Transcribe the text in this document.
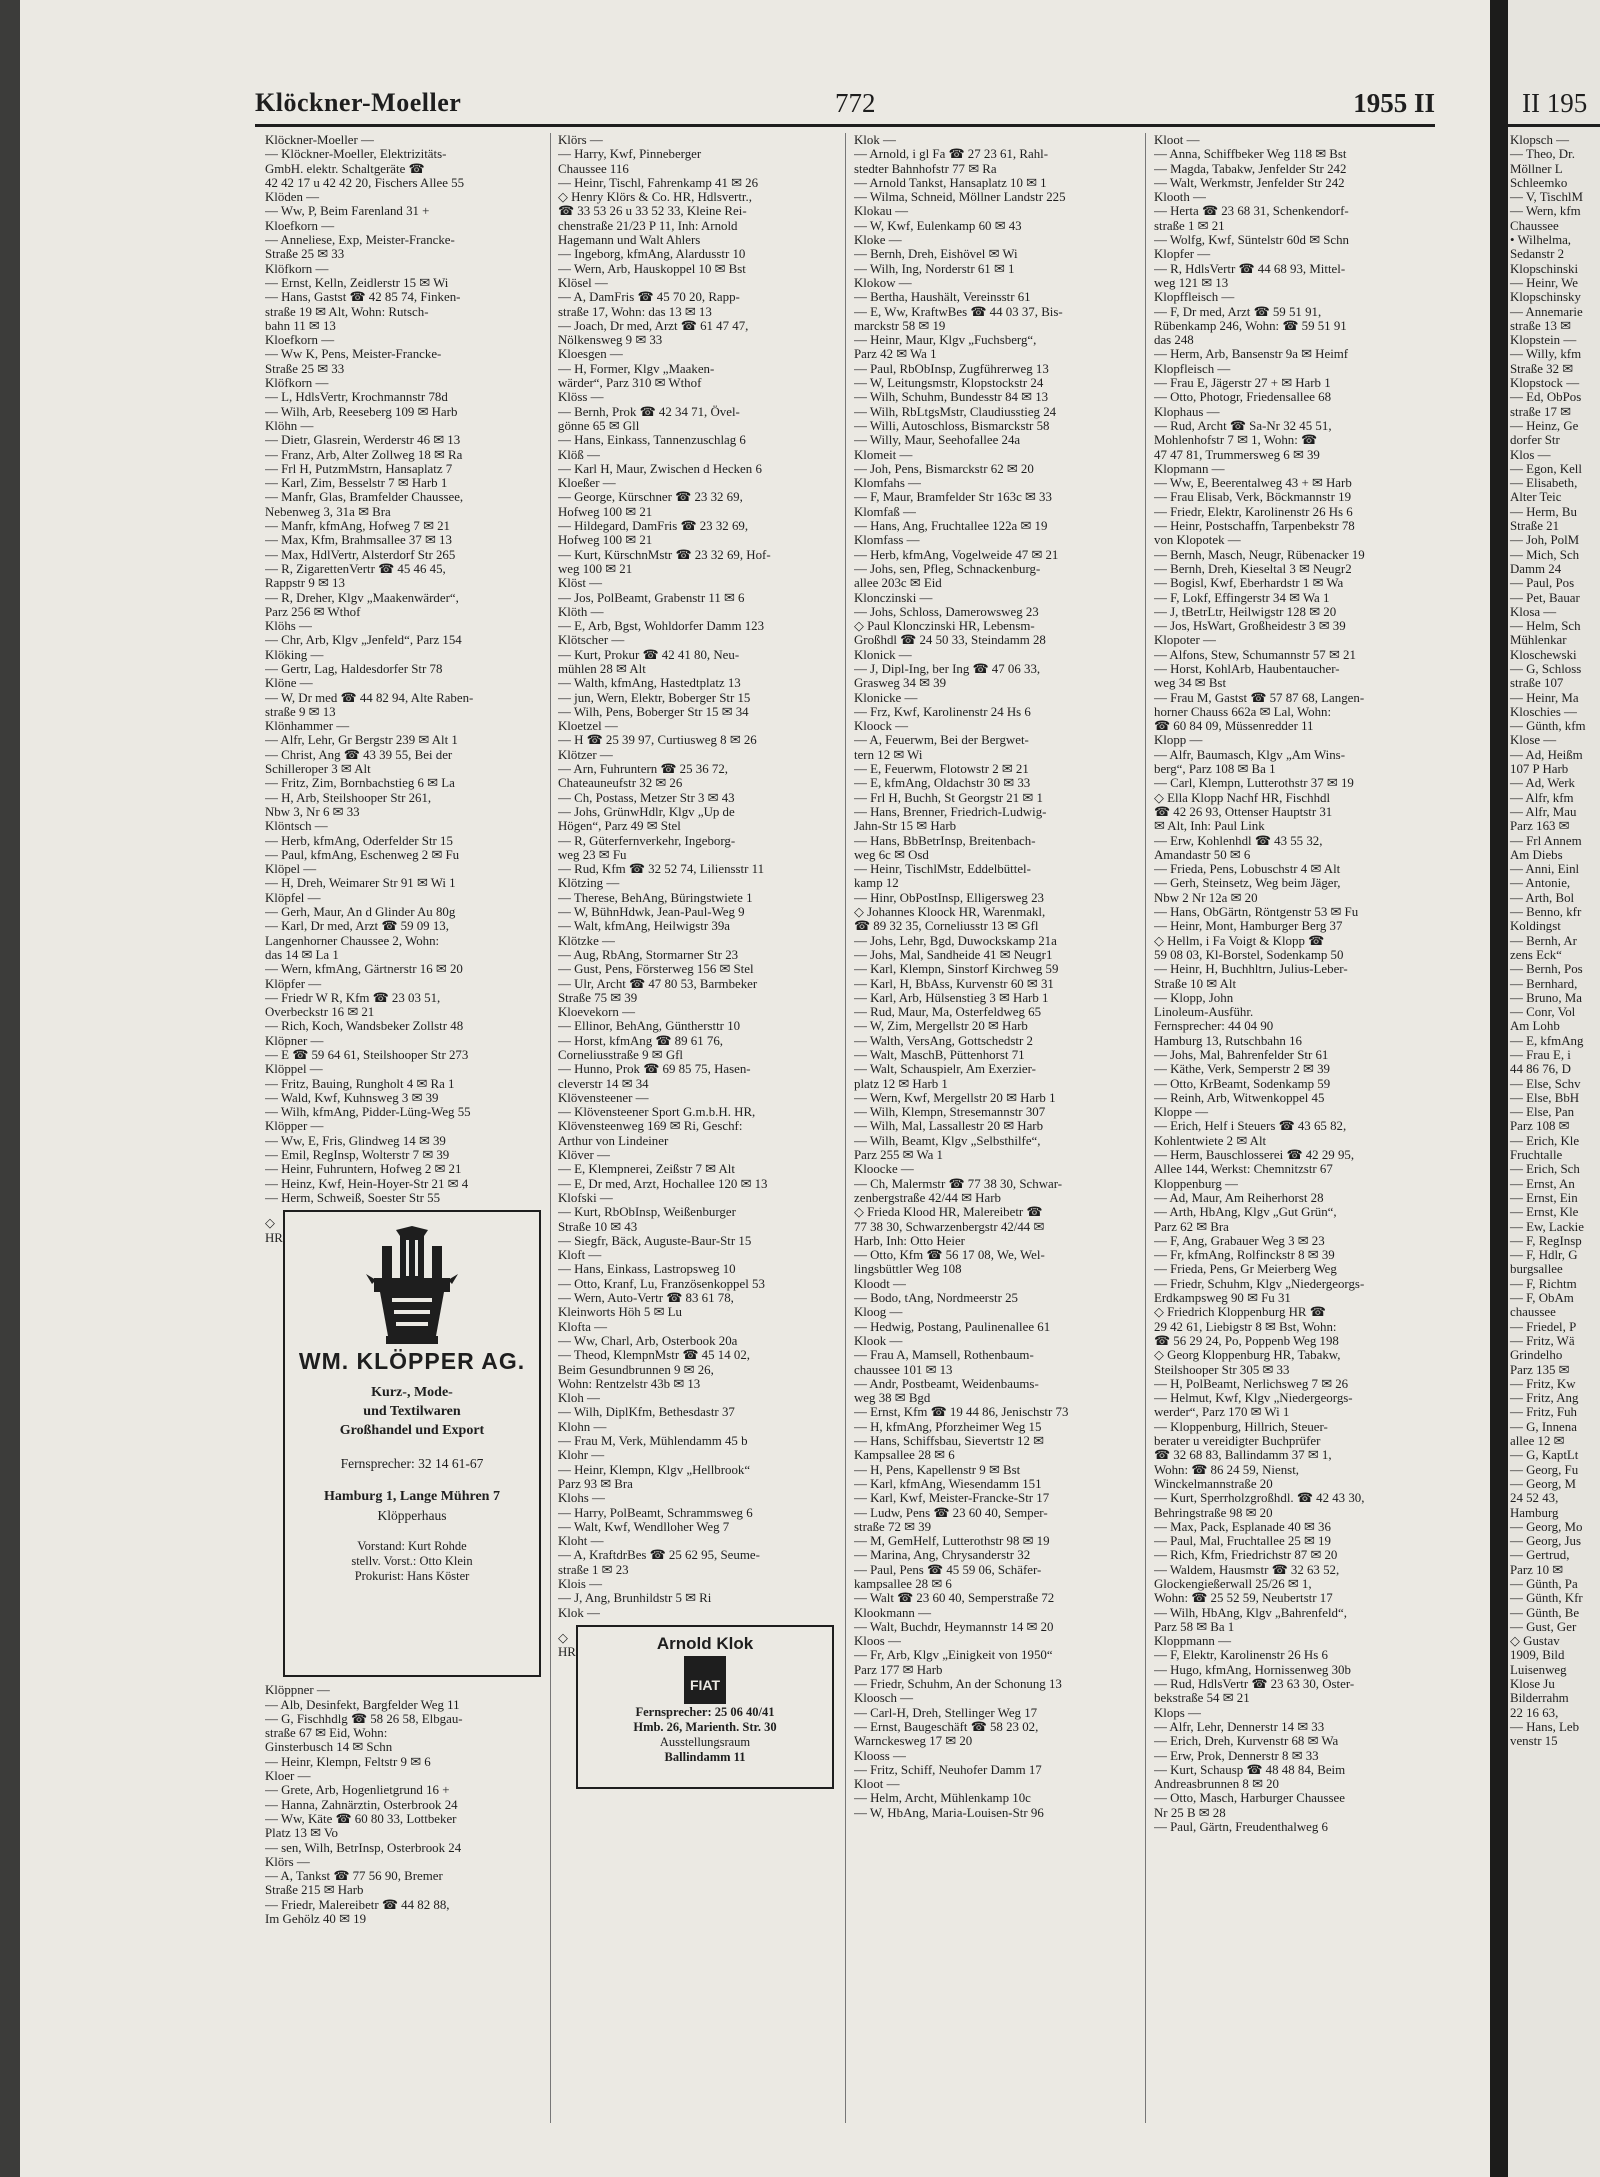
Klöckner-Moeller	772	1955 II
Klöckner-Moeller —
— Klöckner-Moeller, Elektrizitäts-
GmbH. elektr. Schaltgeräte ☎
42 42 17 u 42 42 20, Fischers Allee 55
Klöden —
— Ww, P, Beim Farenland 31 +
Kloefkorn —
— Anneliese, Exp, Meister-Francke-
Straße 25 ✉ 33
Klöfkorn —
— Ernst, Kelln, Zeidlerstr 15 ✉ Wi
— Hans, Gastst ☎ 42 85 74, Finken-
straße 19 ✉ Alt, Wohn: Rutsch-
bahn 11 ✉ 13
Kloefkorn —
— Ww K, Pens, Meister-Francke-
Straße 25 ✉ 33
Klöfkorn —
— L, HdlsVertr, Krochmannstr 78d
— Wilh, Arb, Reeseberg 109 ✉ Harb
Klöhn —
— Dietr, Glasrein, Werderstr 46 ✉ 13
— Franz, Arb, Alter Zollweg 18 ✉ Ra
— Frl H, PutzmMstrn, Hansaplatz 7
— Karl, Zim, Besselstr 7 ✉ Harb 1
— Manfr, Glas, Bramfelder Chaussee,
Nebenweg 3, 31a ✉ Bra
— Manfr, kfmAng, Hofweg 7 ✉ 21
— Max, Kfm, Brahmsallee 37 ✉ 13
— Max, HdlVertr, Alsterdorf Str 265
— R, ZigarettenVertr ☎ 45 46 45,
Rappstr 9 ✉ 13
— R, Dreher, Klgv „Maakenwärder“,
Parz 256 ✉ Wthof
Klöhs —
— Chr, Arb, Klgv „Jenfeld“, Parz 154
Klöking —
— Gertr, Lag, Haldesdorfer Str 78
Klöne —
— W, Dr med ☎ 44 82 94, Alte Raben-
straße 9 ✉ 13
Klönhammer —
— Alfr, Lehr, Gr Bergstr 239 ✉ Alt 1
— Christ, Ang ☎ 43 39 55, Bei der
Schilleroper 3 ✉ Alt
— Fritz, Zim, Bornbachstieg 6 ✉ La
— H, Arb, Steilshooper Str 261,
Nbw 3, Nr 6 ✉ 33
Klöntsch —
— Herb, kfmAng, Oderfelder Str 15
— Paul, kfmAng, Eschenweg 2 ✉ Fu
Klöpel —
— H, Dreh, Weimarer Str 91 ✉ Wi 1
Klöpfel —
— Gerh, Maur, An d Glinder Au 80g
— Karl, Dr med, Arzt ☎ 59 09 13,
Langenhorner Chaussee 2, Wohn:
das 14 ✉ La 1
— Wern, kfmAng, Gärtnerstr 16 ✉ 20
Klöpfer —
— Friedr W R, Kfm ☎ 23 03 51,
Overbeckstr 16 ✉ 21
— Rich, Koch, Wandsbeker Zollstr 48
Klöpner —
— E ☎ 59 64 61, Steilshooper Str 273
Klöppel —
— Fritz, Bauing, Rungholt 4 ✉ Ra 1
— Wald, Kwf, Kuhnsweg 3 ✉ 39
— Wilh, kfmAng, Pidder-Lüng-Weg 55
Klöpper —
— Ww, E, Fris, Glindweg 14 ✉ 39
— Emil, RegInsp, Wolterstr 7 ✉ 39
— Heinr, Fuhruntern, Hofweg 2 ✉ 21
— Heinz, Kwf, Hein-Hoyer-Str 21 ✉ 4
— Herm, Schweiß, Soester Str 55
◇ HR
WM. KLÖPPER AG.
Kurz-, Mode-
und Textilwaren
Großhandel und Export
Fernsprecher: 32 14 61-67
Hamburg 1, Lange Mühren 7
Klöpperhaus
Vorstand: Kurt Rohde
stellv. Vorst.: Otto Klein
Prokurist: Hans Köster
Klöppner —
— Alb, Desinfekt, Bargfelder Weg 11
— G, Fischhdlg ☎ 58 26 58, Elbgau-
straße 67 ✉ Eid, Wohn:
Ginsterbusch 14 ✉ Schn
— Heinr, Klempn, Feltstr 9 ✉ 6
Kloer —
— Grete, Arb, Hogenlietgrund 16 +
— Hanna, Zahnärztin, Osterbrook 24
— Ww, Käte ☎ 60 80 33, Lottbeker
Platz 13 ✉ Vo
— sen, Wilh, BetrInsp, Osterbrook 24
Klörs —
— A, Tankst ☎ 77 56 90, Bremer
Straße 215 ✉ Harb
— Friedr, Malereibetr ☎ 44 82 88,
Im Gehölz 40 ✉ 19
Klörs —
— Harry, Kwf, Pinneberger
Chaussee 116
— Heinr, Tischl, Fahrenkamp 41 ✉ 26
◇ Henry Klörs & Co. HR, Hdlsvertr.,
☎ 33 53 26 u 33 52 33, Kleine Rei-
chenstraße 21/23 P 11, Inh: Arnold
Hagemann und Walt Ahlers
— Ingeborg, kfmAng, Alardusstr 10
— Wern, Arb, Hauskoppel 10 ✉ Bst
Klösel —
— A, DamFris ☎ 45 70 20, Rapp-
straße 17, Wohn: das 13 ✉ 13
— Joach, Dr med, Arzt ☎ 61 47 47,
Nölkensweg 9 ✉ 33
Kloesgen —
— H, Former, Klgv „Maaken-
wärder“, Parz 310 ✉ Wthof
Klöss —
— Bernh, Prok ☎ 42 34 71, Övel-
gönne 65 ✉ Gll
— Hans, Einkass, Tannenzuschlag 6
Klöß —
— Karl H, Maur, Zwischen d Hecken 6
Kloeßer —
— George, Kürschner ☎ 23 32 69,
Hofweg 100 ✉ 21
— Hildegard, DamFris ☎ 23 32 69,
Hofweg 100 ✉ 21
— Kurt, KürschnMstr ☎ 23 32 69, Hof-
weg 100 ✉ 21
Klöst —
— Jos, PolBeamt, Grabenstr 11 ✉ 6
Klöth —
— E, Arb, Bgst, Wohldorfer Damm 123
Klötscher —
— Kurt, Prokur ☎ 42 41 80, Neu-
mühlen 28 ✉ Alt
— Walth, kfmAng, Hastedtplatz 13
— jun, Wern, Elektr, Boberger Str 15
— Wilh, Pens, Boberger Str 15 ✉ 34
Kloetzel —
— H ☎ 25 39 97, Curtiusweg 8 ✉ 26
Klötzer —
— Arn, Fuhruntern ☎ 25 36 72,
Chateauneufstr 32 ✉ 26
— Ch, Postass, Metzer Str 3 ✉ 43
— Johs, GrünwHdlr, Klgv „Up de
Högen“, Parz 49 ✉ Stel
— R, Güterfernverkehr, Ingeborg-
weg 23 ✉ Fu
— Rud, Kfm ☎ 32 52 74, Liliensstr 11
Klötzing —
— Therese, BehAng, Büringstwiete 1
— W, BühnHdwk, Jean-Paul-Weg 9
— Walt, kfmAng, Heilwigstr 39a
Klötzke —
— Aug, RbAng, Stormarner Str 23
— Gust, Pens, Försterweg 156 ✉ Stel
— Ulr, Archt ☎ 47 80 53, Barmbeker
Straße 75 ✉ 39
Kloevekorn —
— Ellinor, BehAng, Günthersttr 10
— Horst, kfmAng ☎ 89 61 76,
Corneliusstraße 9 ✉ Gfl
— Hunno, Prok ☎ 69 85 75, Hasen-
cleverstr 14 ✉ 34
Klövensteener —
— Klövensteener Sport G.m.b.H. HR,
Klövensteenweg 169 ✉ Ri, Geschf:
Arthur von Lindeiner
Klöver —
— E, Klempnerei, Zeißstr 7 ✉ Alt
— E, Dr med, Arzt, Hochallee 120 ✉ 13
Klofski —
— Kurt, RbObInsp, Weißenburger
Straße 10 ✉ 43
— Siegfr, Bäck, Auguste-Baur-Str 15
Kloft —
— Hans, Einkass, Lastropsweg 10
— Otto, Kranf, Lu, Französenkoppel 53
— Wern, Auto-Vertr ☎ 83 61 78,
Kleinworts Höh 5 ✉ Lu
Klofta —
— Ww, Charl, Arb, Osterbook 20a
— Theod, KlempnMstr ☎ 45 14 02,
Beim Gesundbrunnen 9 ✉ 26,
Wohn: Rentzelstr 43b ✉ 13
Kloh —
— Wilh, DiplKfm, Bethesdastr 37
Klohn —
— Frau M, Verk, Mühlendamm 45 b
Klohr —
— Heinr, Klempn, Klgv „Hellbrook“
Parz 93 ✉ Bra
Klohs —
— Harry, PolBeamt, Schrammsweg 6
— Walt, Kwf, Wendlloher Weg 7
Kloht —
— A, KraftdrBes ☎ 25 62 95, Seume-
straße 1 ✉ 23
Klois —
— J, Ang, Brunhildstr 5 ✉ Ri
Klok —
◇ HR	Arnold Klok
FIAT
Fernsprecher: 25 06 40/41
Hmb. 26, Marienth. Str. 30
Ausstellungsraum
Ballindamm 11
Klok —
— Arnold, i gl Fa ☎ 27 23 61, Rahl-
stedter Bahnhofstr 77 ✉ Ra
— Arnold Tankst, Hansaplatz 10 ✉ 1
— Wilma, Schneid, Möllner Landstr 225
Klokau —
— W, Kwf, Eulenkamp 60 ✉ 43
Kloke —
— Bernh, Dreh, Eishövel ✉ Wi
— Wilh, Ing, Norderstr 61 ✉ 1
Klokow —
— Bertha, Haushält, Vereinsstr 61
— E, Ww, KraftwBes ☎ 44 03 37, Bis-
marckstr 58 ✉ 19
— Heinr, Maur, Klgv „Fuchsberg“,
Parz 42 ✉ Wa 1
— Paul, RbObInsp, Zugführerweg 13
— W, Leitungsmstr, Klopstockstr 24
— Wilh, Schuhm, Bundesstr 84 ✉ 13
— Wilh, RbLtgsMstr, Claudiusstieg 24
— Willi, Autoschloss, Bismarckstr 58
— Willy, Maur, Seehofallee 24a
Klomeit —
— Joh, Pens, Bismarckstr 62 ✉ 20
Klomfahs —
— F, Maur, Bramfelder Str 163c ✉ 33
Klomfaß —
— Hans, Ang, Fruchtallee 122a ✉ 19
Klomfass —
— Herb, kfmAng, Vogelweide 47 ✉ 21
— Johs, sen, Pfleg, Schnackenburg-
allee 203c ✉ Eid
Klonczinski —
— Johs, Schloss, Damerowsweg 23
◇ Paul Klonczinski HR, Lebensm-
Großhdl ☎ 24 50 33, Steindamm 28
Klonick —
— J, Dipl-Ing, ber Ing ☎ 47 06 33,
Grasweg 34 ✉ 39
Klonicke —
— Frz, Kwf, Karolinenstr 24 Hs 6
Kloock —
— A, Feuerwm, Bei der Bergwet-
tern 12 ✉ Wi
— E, Feuerwm, Flotowstr 2 ✉ 21
— E, kfmAng, Oldachstr 30 ✉ 33
— Frl H, Buchh, St Georgstr 21 ✉ 1
— Hans, Brenner, Friedrich-Ludwig-
Jahn-Str 15 ✉ Harb
— Hans, BbBetrInsp, Breitenbach-
weg 6c ✉ Osd
— Heinr, TischlMstr, Eddelbüttel-
kamp 12
— Hinr, ObPostInsp, Elligersweg 23
◇ Johannes Kloock HR, Warenmakl,
☎ 89 32 35, Corneliusstr 13 ✉ Gfl
— Johs, Lehr, Bgd, Duwockskamp 21a
— Johs, Mal, Sandheide 41 ✉ Neugr1
— Karl, Klempn, Sinstorf Kirchweg 59
— Karl, H, BbAss, Kurvenstr 60 ✉ 31
— Karl, Arb, Hülsenstieg 3 ✉ Harb 1
— Rud, Maur, Ma, Osterfeldweg 65
— W, Zim, Mergellstr 20 ✉ Harb
— Walth, VersAng, Gottschedstr 2
— Walt, MaschB, Püttenhorst 71
— Walt, Schauspielr, Am Exerzier-
platz 12 ✉ Harb 1
— Wern, Kwf, Mergellstr 20 ✉ Harb 1
— Wilh, Klempn, Stresemannstr 307
— Wilh, Mal, Lassallestr 20 ✉ Harb
— Wilh, Beamt, Klgv „Selbsthilfe“,
Parz 255 ✉ Wa 1
Kloocke —
— Ch, Malermstr ☎ 77 38 30, Schwar-
zenbergstraße 42/44 ✉ Harb
◇ Frieda Klood HR, Malereibetr ☎
77 38 30, Schwarzenbergstr 42/44 ✉
Harb, Inh: Otto Heier
— Otto, Kfm ☎ 56 17 08, We, Wel-
lingsbüttler Weg 108
Kloodt —
— Bodo, tAng, Nordmeerstr 25
Kloog —
— Hedwig, Postang, Paulinenallee 61
Klook —
— Frau A, Mamsell, Rothenbaum-
chaussee 101 ✉ 13
— Andr, Postbeamt, Weidenbaums-
weg 38 ✉ Bgd
— Ernst, Kfm ☎ 19 44 86, Jenischstr 73
— H, kfmAng, Pforzheimer Weg 15
— Hans, Schiffsbau, Sievertstr 12 ✉
Kampsallee 28 ✉ 6
— H, Pens, Kapellenstr 9 ✉ Bst
— Karl, kfmAng, Wiesendamm 151
— Karl, Kwf, Meister-Francke-Str 17
— Ludw, Pens ☎ 23 60 40, Semper-
straße 72 ✉ 39
— M, GemHelf, Lutterothstr 98 ✉ 19
— Marina, Ang, Chrysanderstr 32
— Paul, Pens ☎ 45 59 06, Schäfer-
kampsallee 28 ✉ 6
— Walt ☎ 23 60 40, Semperstraße 72
Klookmann —
— Walt, Buchdr, Heymannstr 14 ✉ 20
Kloos —
— Fr, Arb, Klgv „Einigkeit von 1950“
Parz 177 ✉ Harb
— Friedr, Schuhm, An der Schonung 13
Kloosch —
— Carl-H, Dreh, Stellinger Weg 17
— Ernst, Baugeschäft ☎ 58 23 02,
Warnckesweg 17 ✉ 20
Klooss —
— Fritz, Schiff, Neuhofer Damm 17
Kloot —
— Helm, Archt, Mühlenkamp 10c
— W, HbAng, Maria-Louisen-Str 96
Kloot —
— Anna, Schiffbeker Weg 118 ✉ Bst
— Magda, Tabakw, Jenfelder Str 242
— Walt, Werkmstr, Jenfelder Str 242
Klooth —
— Herta ☎ 23 68 31, Schenkendorf-
straße 1 ✉ 21
— Wolfg, Kwf, Süntelstr 60d ✉ Schn
Klopfer —
— R, HdlsVertr ☎ 44 68 93, Mittel-
weg 121 ✉ 13
Klopffleisch —
— F, Dr med, Arzt ☎ 59 51 91,
Rübenkamp 246, Wohn: ☎ 59 51 91
das 248
— Herm, Arb, Bansenstr 9a ✉ Heimf
Klopfleisch —
— Frau E, Jägerstr 27 + ✉ Harb 1
— Otto, Photogr, Friedensallee 68
Klophaus —
— Rud, Archt ☎ Sa-Nr 32 45 51,
Mohlenhofstr 7 ✉ 1, Wohn: ☎
47 47 81, Trummersweg 6 ✉ 39
Klopmann —
— Ww, E, Beerentalweg 43 + ✉ Harb
— Frau Elisab, Verk, Böckmannstr 19
— Friedr, Elektr, Karolinenstr 26 Hs 6
— Heinr, Postschaffn, Tarpenbekstr 78
von Klopotek —
— Bernh, Masch, Neugr, Rübenacker 19
— Bernh, Dreh, Kieseltal 3 ✉ Neugr2
— Bogisl, Kwf, Eberhardstr 1 ✉ Wa
— F, Lokf, Effingerstr 34 ✉ Wa 1
— J, tBetrLtr, Heilwigstr 128 ✉ 20
— Jos, HsWart, Großheidestr 3 ✉ 39
Klopoter —
— Alfons, Stew, Schumannstr 57 ✉ 21
— Horst, KohlArb, Haubentaucher-
weg 34 ✉ Bst
— Frau M, Gastst ☎ 57 87 68, Langen-
horner Chauss 662a ✉ Lal, Wohn:
☎ 60 84 09, Müssenredder 11
Klopp —
— Alfr, Baumasch, Klgv „Am Wins-
berg“, Parz 108 ✉ Ba 1
— Carl, Klempn, Lutterothstr 37 ✉ 19
◇ Ella Klopp Nachf HR, Fischhdl
☎ 42 26 93, Ottenser Hauptstr 31
✉ Alt, Inh: Paul Link
— Erw, Kohlenhdl ☎ 43 55 32,
Amandastr 50 ✉ 6
— Frieda, Pens, Lobuschstr 4 ✉ Alt
— Gerh, Steinsetz, Weg beim Jäger,
Nbw 2 Nr 12a ✉ 20
— Hans, ObGärtn, Röntgenstr 53 ✉ Fu
— Heinr, Mont, Hamburger Berg 37
◇ Hellm, i Fa Voigt & Klopp ☎
59 08 03, Kl-Borstel, Sodenkamp 50
— Heinr, H, Buchhltrn, Julius-Leber-
Straße 10 ✉ Alt
— Klopp, John
Linoleum-Ausführ.
Fernsprecher: 44 04 90
Hamburg 13, Rutschbahn 16
— Johs, Mal, Bahrenfelder Str 61
— Käthe, Verk, Semperstr 2 ✉ 39
— Otto, KrBeamt, Sodenkamp 59
— Reinh, Arb, Witwenkoppel 45
Kloppe —
— Erich, Helf i Steuers ☎ 43 65 82,
Kohlentwiete 2 ✉ Alt
— Herm, Bauschlosserei ☎ 42 29 95,
Allee 144, Werkst: Chemnitzstr 67
Kloppenburg —
— Ad, Maur, Am Reiherhorst 28
— Arth, HbAng, Klgv „Gut Grün“,
Parz 62 ✉ Bra
— F, Ang, Grabauer Weg 3 ✉ 23
— Fr, kfmAng, Rolfinckstr 8 ✉ 39
— Frieda, Pens, Gr Meierberg Weg
— Friedr, Schuhm, Klgv „Niedergeorgs-
Erdkampsweg 90 ✉ Fu 31
◇ Friedrich Kloppenburg HR ☎
29 42 61, Liebigstr 8 ✉ Bst, Wohn:
☎ 56 29 24, Po, Poppenb Weg 198
◇ Georg Kloppenburg HR, Tabakw,
Steilshooper Str 305 ✉ 33
— H, PolBeamt, Nerlichsweg 7 ✉ 26
— Helmut, Kwf, Klgv „Niedergeorgs-
werder“, Parz 170 ✉ Wi 1
— Kloppenburg, Hillrich, Steuer-
berater u vereidigter Buchprüfer
☎ 32 68 83, Ballindamm 37 ✉ 1,
Wohn: ☎ 86 24 59, Nienst,
Winckelmannstraße 20
— Kurt, Sperrholzgroßhdl. ☎ 42 43 30,
Behringstraße 98 ✉ 20
— Max, Pack, Esplanade 40 ✉ 36
— Paul, Mal, Fruchtallee 25 ✉ 19
— Rich, Kfm, Friedrichstr 87 ✉ 20
— Waldem, Hausmstr ☎ 32 63 52,
Glockengießerwall 25/26 ✉ 1,
Wohn: ☎ 25 52 59, Neubertstr 17
— Wilh, HbAng, Klgv „Bahrenfeld“,
Parz 58 ✉ Ba 1
Kloppmann —
— F, Elektr, Karolinenstr 26 Hs 6
— Hugo, kfmAng, Hornissenweg 30b
— Rud, HdlsVertr ☎ 23 63 30, Oster-
bekstraße 54 ✉ 21
Klops —
— Alfr, Lehr, Dennerstr 14 ✉ 33
— Erich, Dreh, Kurvenstr 68 ✉ Wa
— Erw, Prok, Dennerstr 8 ✉ 33
— Kurt, Schausp ☎ 48 48 84, Beim
Andreasbrunnen 8 ✉ 20
— Otto, Masch, Harburger Chaussee
Nr 25 B ✉ 28
— Paul, Gärtn, Freudenthalweg 6
II 195
Klopsch —
— Theo, Dr.
Möllner L
Schleemko
— V, TischlM
— Wern, kfm
Chaussee
• Wilhelma,
Sedanstr 2
Klopschinski
— Heinr, We
Klopschinsky
— Annemarie
straße 13 ✉
Klopstein —
— Willy, kfm
Straße 32 ✉
Klopstock —
— Ed, ObPos
straße 17 ✉
— Heinz, Ge
dorfer Str
Klos —
— Egon, Kell
— Elisabeth,
Alter Teic
— Herm, Bu
Straße 21
— Joh, PolM
— Mich, Sch
Damm 24
— Paul, Pos
— Pet, Bauar
Klosa —
— Helm, Sch
Mühlenkar
Kloschewski
— G, Schloss
straße 107
— Heinr, Ma
Kloschies —
— Günth, kfm
Klose —
— Ad, Heißm
107 P Harb
— Ad, Werk
— Alfr, kfm
— Alfr, Mau
Parz 163 ✉
— Frl Annem
Am Diebs
— Anni, Einl
— Antonie,
— Arth, Bol
— Benno, kfr
Koldingst
— Bernh, Ar
zens Eck“
— Bernh, Pos
— Bernhard,
— Bruno, Ma
— Conr, Vol
Am Lohb
— E, kfmAng
— Frau E, i
44 86 76, D
— Else, Schv
— Else, BbH
— Else, Pan
Parz 108 ✉
— Erich, Kle
Fruchtalle
— Erich, Sch
— Ernst, An
— Ernst, Ein
— Ernst, Kle
— Ew, Lackie
— F, RegInsp
— F, Hdlr, G
burgsallee
— F, Richtm
— F, ObAm
chaussee
— Friedel, P
— Fritz, Wä
Grindelho
Parz 135 ✉
— Fritz, Kw
— Fritz, Ang
— Fritz, Fuh
— G, Innena
allee 12 ✉
— G, KaptLt
— Georg, Fu
— Georg, M
24 52 43,
Hamburg
— Georg, Mo
— Georg, Jus
— Gertrud,
Parz 10 ✉
— Günth, Pa
— Günth, Kfr
— Günth, Be
— Gust, Ger
◇ Gustav
1909, Bild
Luisenweg
Klose Ju
Bilderrahm
22 16 63,
— Hans, Leb
venstr 15
